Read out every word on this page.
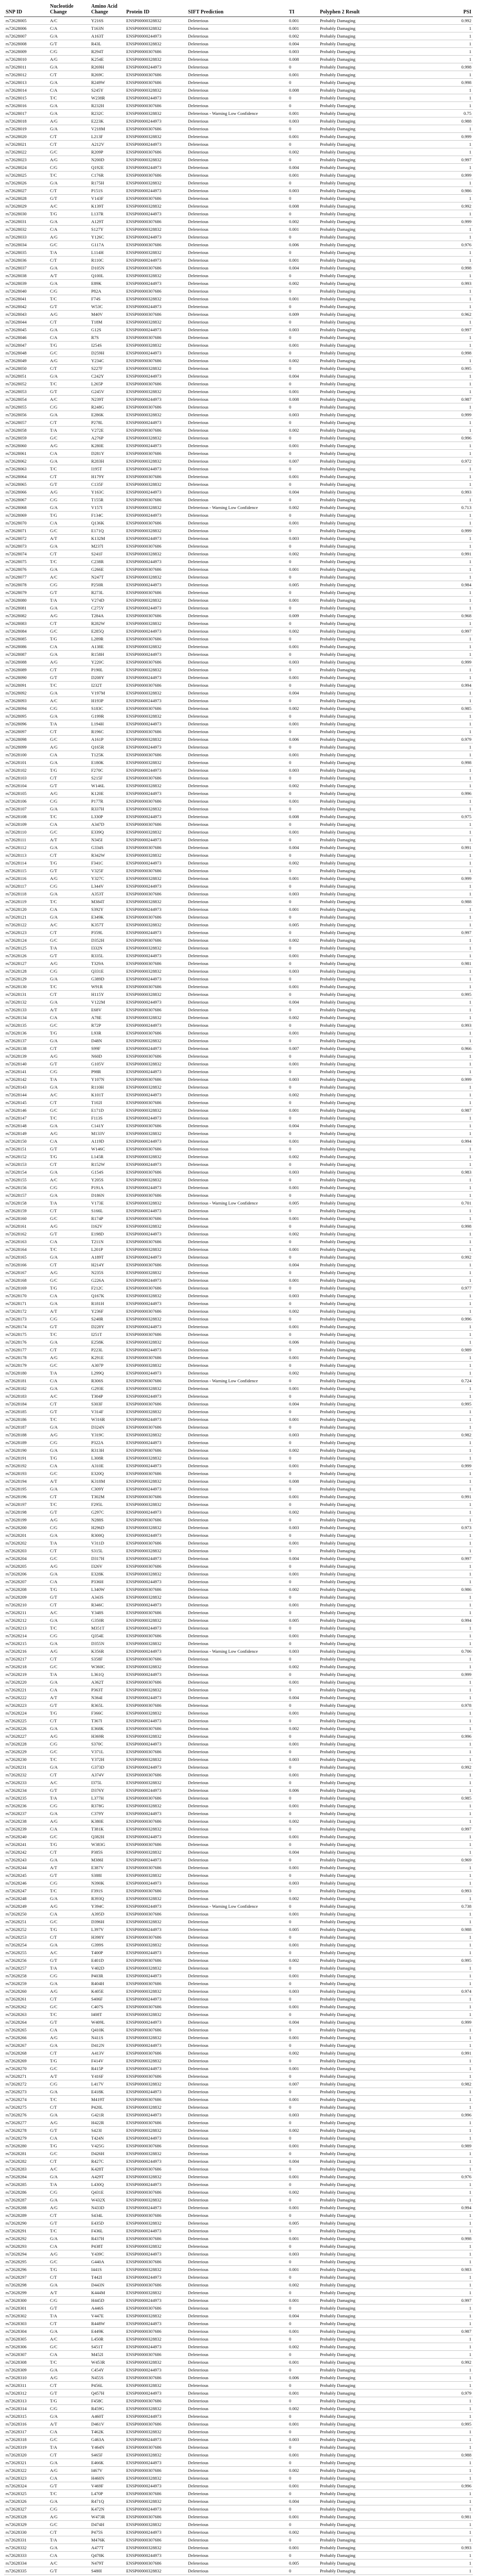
SNP ID	Nucleotide Change	Amino Acid Change	Protein ID	SIFT Prediction	TI	Polyphen 2 Result	PSI
rs72628005	A/C	Y216S	ENSP00000328832	Deleterious	0.001	Probably Damaging	0.992
rs72628006	C/A	T163N	ENSP00000328832	Deleterious	0.001	Probably Damaging	1
rs72628007	G/A	A163T	ENSP00000244973	Deleterious	0.002	Probably Damaging	1
rs72628008	G/T	R43L	ENSP00000328832	Deleterious	0.004	Probably Damaging	1
rs72628009	C/G	R294T	ENSP00000307686	Deleterious	0.003	Probably Damaging	1
rs72628010	A/G	K254E	ENSP00000328832	Deleterious	0.008	Probably Damaging	1
rs72628011	G/A	R269H	ENSP00000244973	Deleterious	0	Probably Damaging	0.998
rs72628012	C/T	R269C	ENSP00000307686	Deleterious	0.001	Probably Damaging	1
rs72628013	G/A	R249W	ENSP00000307686	Deleterious	0	Probably Damaging	0.998
rs72628014	C/A	S245Y	ENSP00000328832	Deleterious	0.008	Probably Damaging	1
rs72628015	T/C	W238R	ENSP00000244973	Deleterious	0	Probably Damaging	1
rs72628016	G/A	R232H	ENSP00000307686	Deleterious	0	Probably Damaging	1
rs72628017	G/A	R232C	ENSP00000328832	Deleterious - Warning Low Confidence	0.001	Probably Damaging	0.75
rs72628018	A/G	E223K	ENSP00000244973	Deleterious	0.003	Probably Damaging	0.988
rs72628019	G/A	V218M	ENSP00000307686	Deleterious	0	Probably Damaging	1
rs72628020	C/T	L213F	ENSP00000328832	Deleterious	0.001	Probably Damaging	0.999
rs72628021	C/T	A212V	ENSP00000244973	Deleterious	0	Probably Damaging	1
rs72628022	G/C	R209P	ENSP00000307686	Deleterious	0.002	Probably Damaging	1
rs72628023	A/G	N200D	ENSP00000328832	Deleterious	0	Probably Damaging	0.997
rs72628024	C/G	Q192E	ENSP00000244973	Deleterious	0.004	Probably Damaging	1
rs72628025	T/C	C176R	ENSP00000307686	Deleterious	0.001	Probably Damaging	0.999
rs72628026	G/A	R175H	ENSP00000328832	Deleterious	0	Probably Damaging	1
rs72628027	C/T	P151S	ENSP00000244973	Deleterious	0.003	Probably Damaging	0.986
rs72628028	G/T	V143F	ENSP00000307686	Deleterious	0	Probably Damaging	1
rs72628029	A/C	K139T	ENSP00000328832	Deleterious	0.008	Probably Damaging	0.992
rs72628030	T/G	L137R	ENSP00000244973	Deleterious	0	Probably Damaging	1
rs72628031	G/A	A129T	ENSP00000307686	Deleterious	0.002	Probably Damaging	0.999
rs72628032	C/A	S127Y	ENSP00000328832	Deleterious	0.001	Probably Damaging	1
rs72628033	A/G	Y126C	ENSP00000244973	Deleterious	0	Probably Damaging	1
rs72628034	G/C	G117A	ENSP00000307686	Deleterious	0.006	Probably Damaging	0.976
rs72628035	T/A	L114H	ENSP00000328832	Deleterious	0	Probably Damaging	1
rs72628036	C/T	R110C	ENSP00000244973	Deleterious	0.001	Probably Damaging	1
rs72628037	G/A	D105N	ENSP00000307686	Deleterious	0.004	Probably Damaging	0.998
rs72628038	A/T	Q100L	ENSP00000328832	Deleterious	0	Probably Damaging	1
rs72628039	G/A	E89K	ENSP00000244973	Deleterious	0.002	Probably Damaging	0.993
rs72628040	C/G	P82A	ENSP00000307686	Deleterious	0	Probably Damaging	1
rs72628041	T/C	F74S	ENSP00000328832	Deleterious	0.001	Probably Damaging	1
rs72628042	G/T	W53C	ENSP00000244973	Deleterious	0	Probably Damaging	1
rs72628043	A/G	M40V	ENSP00000307686	Deleterious	0.009	Probably Damaging	0.962
rs72628044	C/T	T18M	ENSP00000328832	Deleterious	0	Probably Damaging	1
rs72628045	G/A	G12S	ENSP00000244973	Deleterious	0.003	Probably Damaging	0.997
rs72628046	C/A	R7S	ENSP00000307686	Deleterious	0	Probably Damaging	1
rs72628047	T/G	I254S	ENSP00000328832	Deleterious	0.001	Probably Damaging	1
rs72628048	G/C	D259H	ENSP00000244973	Deleterious	0	Probably Damaging	0.998
rs72628049	A/G	Y234C	ENSP00000307686	Deleterious	0.002	Probably Damaging	1
rs72628050	C/T	S227F	ENSP00000328832	Deleterious	0	Probably Damaging	0.995
rs72628051	G/A	C242Y	ENSP00000244973	Deleterious	0.004	Probably Damaging	1
rs72628052	T/C	L265P	ENSP00000307686	Deleterious	0	Probably Damaging	1
rs72628053	G/T	G245V	ENSP00000328832	Deleterious	0.001	Probably Damaging	1
rs72628054	A/C	N239T	ENSP00000244973	Deleterious	0.008	Probably Damaging	0.987
rs72628055	C/G	R248G	ENSP00000307686	Deleterious	0	Probably Damaging	1
rs72628056	G/A	E286K	ENSP00000328832	Deleterious	0.003	Probably Damaging	0.999
rs72628057	C/T	P278L	ENSP00000244973	Deleterious	0	Probably Damaging	1
rs72628058	T/A	V272E	ENSP00000307686	Deleterious	0.002	Probably Damaging	1
rs72628059	G/C	A276P	ENSP00000328832	Deleterious	0	Probably Damaging	0.996
rs72628060	A/G	K280E	ENSP00000244973	Deleterious	0.001	Probably Damaging	1
rs72628061	C/A	D281Y	ENSP00000307686	Deleterious	0	Probably Damaging	1
rs72628062	G/A	R283H	ENSP00000328832	Deleterious	0.007	Probably Damaging	0.972
rs72628063	T/C	I195T	ENSP00000244973	Deleterious	0	Probably Damaging	1
rs72628064	C/T	H179Y	ENSP00000307686	Deleterious	0.001	Probably Damaging	1
rs72628065	G/T	C135F	ENSP00000328832	Deleterious	0	Probably Damaging	1
rs72628066	A/G	Y163C	ENSP00000244973	Deleterious	0.004	Probably Damaging	0.993
rs72628067	C/G	T155R	ENSP00000307686	Deleterious	0	Probably Damaging	1
rs72628068	G/A	V157I	ENSP00000328832	Deleterious - Warning Low Confidence	0.002	Probably Damaging	0.713
rs72628069	T/G	F134C	ENSP00000244973	Deleterious	0	Probably Damaging	1
rs72628070	C/A	Q136K	ENSP00000307686	Deleterious	0.001	Probably Damaging	1
rs72628071	G/C	E171Q	ENSP00000328832	Deleterious	0	Probably Damaging	0.999
rs72628072	A/T	K132M	ENSP00000244973	Deleterious	0.003	Probably Damaging	1
rs72628073	G/A	M237I	ENSP00000307686	Deleterious	0	Probably Damaging	1
rs72628074	C/T	S241F	ENSP00000328832	Deleterious	0.002	Probably Damaging	0.991
rs72628075	T/C	C238R	ENSP00000244973	Deleterious	0	Probably Damaging	1
rs72628076	G/A	G266E	ENSP00000307686	Deleterious	0.001	Probably Damaging	1
rs72628077	A/C	N247T	ENSP00000328832	Deleterious	0	Probably Damaging	1
rs72628078	C/G	P250R	ENSP00000244973	Deleterious	0.005	Probably Damaging	0.984
rs72628079	G/T	R273L	ENSP00000307686	Deleterious	0	Probably Damaging	1
rs72628080	T/A	V274D	ENSP00000328832	Deleterious	0.001	Probably Damaging	1
rs72628081	G/A	C275Y	ENSP00000244973	Deleterious	0	Probably Damaging	1
rs72628082	A/G	T284A	ENSP00000307686	Deleterious	0.009	Probably Damaging	0.968
rs72628083	C/T	R282W	ENSP00000328832	Deleterious	0	Probably Damaging	1
rs72628084	G/C	E285Q	ENSP00000244973	Deleterious	0.002	Probably Damaging	0.997
rs72628085	T/G	L289R	ENSP00000307686	Deleterious	0	Probably Damaging	1
rs72628086	C/A	A138E	ENSP00000328832	Deleterious	0.001	Probably Damaging	1
rs72628087	G/A	R158H	ENSP00000244973	Deleterious	0	Probably Damaging	1
rs72628088	A/G	Y220C	ENSP00000307686	Deleterious	0.003	Probably Damaging	0.999
rs72628089	C/T	P190L	ENSP00000328832	Deleterious	0	Probably Damaging	1
rs72628090	G/T	D208Y	ENSP00000244973	Deleterious	0.001	Probably Damaging	1
rs72628091	T/C	I232T	ENSP00000307686	Deleterious	0	Probably Damaging	0.994
rs72628092	G/A	V197M	ENSP00000328832	Deleterious	0.004	Probably Damaging	1
rs72628093	A/C	H193P	ENSP00000244973	Deleterious	0	Probably Damaging	1
rs72628094	C/G	S183C	ENSP00000307686	Deleterious	0.002	Probably Damaging	0.985
rs72628095	G/A	G199R	ENSP00000328832	Deleterious	0	Probably Damaging	1
rs72628096	T/A	L194H	ENSP00000244973	Deleterious	0.001	Probably Damaging	1
rs72628097	C/T	R196C	ENSP00000307686	Deleterious	0	Probably Damaging	1
rs72628098	G/C	A161P	ENSP00000328832	Deleterious	0.006	Probably Damaging	0.979
rs72628099	A/G	Q165R	ENSP00000244973	Deleterious	0	Probably Damaging	1
rs72628100	C/A	T125K	ENSP00000307686	Deleterious	0.001	Probably Damaging	1
rs72628101	G/A	E180K	ENSP00000328832	Deleterious	0	Probably Damaging	0.998
rs72628102	T/G	F270C	ENSP00000244973	Deleterious	0.003	Probably Damaging	1
rs72628103	C/T	S215F	ENSP00000307686	Deleterious	0	Probably Damaging	1
rs72628104	G/T	W146L	ENSP00000328832	Deleterious	0.002	Probably Damaging	1
rs72628105	A/G	K120E	ENSP00000244973	Deleterious	0	Probably Damaging	0.996
rs72628106	C/G	P177R	ENSP00000307686	Deleterious	0.001	Probably Damaging	1
rs72628107	G/A	R337H	ENSP00000328832	Deleterious	0	Probably Damaging	1
rs72628108	T/C	L330P	ENSP00000244973	Deleterious	0.008	Probably Damaging	0.975
rs72628109	C/A	A347D	ENSP00000307686	Deleterious	0	Probably Damaging	1
rs72628110	G/C	E339Q	ENSP00000328832	Deleterious	0.001	Probably Damaging	1
rs72628111	A/T	N345I	ENSP00000244973	Deleterious	0	Probably Damaging	1
rs72628112	G/A	G334S	ENSP00000307686	Deleterious	0.004	Probably Damaging	0.991
rs72628113	C/T	R342W	ENSP00000328832	Deleterious	0	Probably Damaging	1
rs72628114	T/G	F341C	ENSP00000244973	Deleterious	0.002	Probably Damaging	1
rs72628115	G/T	V325F	ENSP00000307686	Deleterious	0	Probably Damaging	1
rs72628116	A/G	Y327C	ENSP00000328832	Deleterious	0.001	Probably Damaging	0.999
rs72628117	C/G	L344V	ENSP00000244973	Deleterious	0	Probably Damaging	1
rs72628118	G/A	A353T	ENSP00000307686	Deleterious	0.003	Probably Damaging	1
rs72628119	T/C	M384T	ENSP00000328832	Deleterious	0	Probably Damaging	0.988
rs72628120	C/A	S392Y	ENSP00000244973	Deleterious	0.001	Probably Damaging	1
rs72628121	G/A	E349K	ENSP00000307686	Deleterious	0	Probably Damaging	1
rs72628122	A/C	K357T	ENSP00000328832	Deleterious	0.005	Probably Damaging	1
rs72628123	C/T	P359L	ENSP00000244973	Deleterious	0	Probably Damaging	0.997
rs72628124	G/C	D352H	ENSP00000307686	Deleterious	0.002	Probably Damaging	1
rs72628125	T/A	I332N	ENSP00000328832	Deleterious	0	Probably Damaging	1
rs72628126	G/T	R335L	ENSP00000244973	Deleterious	0.001	Probably Damaging	1
rs72628127	A/G	T329A	ENSP00000307686	Deleterious	0	Probably Damaging	0.981
rs72628128	C/G	Q331E	ENSP00000328832	Deleterious	0.003	Probably Damaging	1
rs72628129	G/A	G389D	ENSP00000244973	Deleterious	0	Probably Damaging	1
rs72628130	T/C	W91R	ENSP00000307686	Deleterious	0.001	Probably Damaging	1
rs72628131	C/T	H115Y	ENSP00000328832	Deleterious	0	Probably Damaging	0.995
rs72628132	G/A	V122M	ENSP00000244973	Deleterious	0.004	Probably Damaging	1
rs72628133	A/T	E68V	ENSP00000307686	Deleterious	0	Probably Damaging	1
rs72628134	C/A	A78E	ENSP00000328832	Deleterious	0.002	Probably Damaging	1
rs72628135	G/C	R72P	ENSP00000244973	Deleterious	0	Probably Damaging	0.993
rs72628136	T/G	L93R	ENSP00000307686	Deleterious	0.001	Probably Damaging	1
rs72628137	G/A	D48N	ENSP00000328832	Deleterious	0	Probably Damaging	1
rs72628138	C/T	S99F	ENSP00000244973	Deleterious	0.007	Probably Damaging	0.966
rs72628139	A/G	N60D	ENSP00000307686	Deleterious	0	Probably Damaging	1
rs72628140	G/T	G105V	ENSP00000328832	Deleterious	0.001	Probably Damaging	1
rs72628141	C/G	P98R	ENSP00000244973	Deleterious	0	Probably Damaging	1
rs72628142	T/A	Y107N	ENSP00000307686	Deleterious	0.003	Probably Damaging	0.999
rs72628143	G/A	R110H	ENSP00000328832	Deleterious	0	Probably Damaging	1
rs72628144	A/C	K101T	ENSP00000244973	Deleterious	0.002	Probably Damaging	1
rs72628145	C/T	T102I	ENSP00000307686	Deleterious	0	Probably Damaging	1
rs72628146	G/C	E171D	ENSP00000328832	Deleterious	0.001	Probably Damaging	0.987
rs72628147	T/C	F113S	ENSP00000244973	Deleterious	0	Probably Damaging	1
rs72628148	G/A	C141Y	ENSP00000307686	Deleterious	0.004	Probably Damaging	1
rs72628149	A/G	M133V	ENSP00000328832	Deleterious	0	Probably Damaging	1
rs72628150	C/A	A119D	ENSP00000244973	Deleterious	0.001	Probably Damaging	0.994
rs72628151	G/T	W146C	ENSP00000307686	Deleterious	0	Probably Damaging	1
rs72628152	T/G	L145R	ENSP00000328832	Deleterious	0.002	Probably Damaging	1
rs72628153	C/T	R152W	ENSP00000244973	Deleterious	0	Probably Damaging	1
rs72628154	G/A	G154S	ENSP00000307686	Deleterious	0.003	Probably Damaging	0.983
rs72628155	A/C	Y205S	ENSP00000328832	Deleterious	0	Probably Damaging	1
rs72628156	C/G	P191A	ENSP00000244973	Deleterious	0.001	Probably Damaging	1
rs72628157	G/A	D186N	ENSP00000307686	Deleterious	0	Probably Damaging	1
rs72628158	T/A	V173E	ENSP00000328832	Deleterious - Warning Low Confidence	0.005	Probably Damaging	0.701
rs72628159	C/T	S166L	ENSP00000244973	Deleterious	0	Probably Damaging	1
rs72628160	G/C	R174P	ENSP00000307686	Deleterious	0.001	Probably Damaging	1
rs72628161	A/G	I162V	ENSP00000328832	Deleterious	0	Probably Damaging	0.998
rs72628162	G/T	E198D	ENSP00000244973	Deleterious	0.002	Probably Damaging	1
rs72628163	C/A	T211N	ENSP00000307686	Deleterious	0	Probably Damaging	1
rs72628164	T/C	L201P	ENSP00000328832	Deleterious	0.001	Probably Damaging	1
rs72628165	G/A	A189T	ENSP00000244973	Deleterious	0	Probably Damaging	0.992
rs72628166	C/T	H214Y	ENSP00000307686	Deleterious	0.004	Probably Damaging	1
rs72628167	A/G	N235S	ENSP00000328832	Deleterious	0	Probably Damaging	1
rs72628168	G/C	G226A	ENSP00000244973	Deleterious	0.001	Probably Damaging	1
rs72628169	T/G	F212C	ENSP00000307686	Deleterious	0	Probably Damaging	0.977
rs72628170	C/A	Q167K	ENSP00000328832	Deleterious	0.003	Probably Damaging	1
rs72628171	G/A	R181H	ENSP00000244973	Deleterious	0	Probably Damaging	1
rs72628172	A/T	Y236F	ENSP00000307686	Deleterious	0.002	Probably Damaging	1
rs72628173	C/G	S240R	ENSP00000328832	Deleterious	0	Probably Damaging	0.996
rs72628174	G/T	D228Y	ENSP00000244973	Deleterious	0.001	Probably Damaging	1
rs72628175	T/C	I251T	ENSP00000307686	Deleterious	0	Probably Damaging	1
rs72628176	G/A	E258K	ENSP00000328832	Deleterious	0.006	Probably Damaging	1
rs72628177	C/T	P223L	ENSP00000244973	Deleterious	0	Probably Damaging	0.989
rs72628178	A/G	K291E	ENSP00000307686	Deleterious	0.001	Probably Damaging	1
rs72628179	G/C	A307P	ENSP00000328832	Deleterious	0	Probably Damaging	1
rs72628180	T/A	L299Q	ENSP00000244973	Deleterious	0.002	Probably Damaging	1
rs72628181	C/A	R306S	ENSP00000307686	Deleterious - Warning Low Confidence	0	Probably Damaging	0.724
rs72628182	G/A	G293E	ENSP00000328832	Deleterious	0.001	Probably Damaging	1
rs72628183	A/C	T304P	ENSP00000244973	Deleterious	0	Probably Damaging	1
rs72628184	C/T	S303F	ENSP00000307686	Deleterious	0.004	Probably Damaging	0.995
rs72628185	G/T	V314F	ENSP00000328832	Deleterious	0	Probably Damaging	1
rs72628186	T/C	W316R	ENSP00000244973	Deleterious	0.001	Probably Damaging	1
rs72628187	G/A	D324N	ENSP00000307686	Deleterious	0	Probably Damaging	1
rs72628188	A/G	Y319C	ENSP00000328832	Deleterious	0.003	Probably Damaging	0.982
rs72628189	C/G	P322A	ENSP00000244973	Deleterious	0	Probably Damaging	1
rs72628190	G/A	R313H	ENSP00000307686	Deleterious	0.002	Probably Damaging	1
rs72628191	T/G	L308R	ENSP00000328832	Deleterious	0	Probably Damaging	1
rs72628192	C/A	A310E	ENSP00000244973	Deleterious	0.001	Probably Damaging	0.999
rs72628193	G/C	E320Q	ENSP00000307686	Deleterious	0	Probably Damaging	1
rs72628194	A/T	K318M	ENSP00000328832	Deleterious	0.008	Probably Damaging	1
rs72628195	G/A	C309Y	ENSP00000244973	Deleterious	0	Probably Damaging	1
rs72628196	C/T	T302M	ENSP00000307686	Deleterious	0.001	Probably Damaging	0.991
rs72628197	T/C	F295L	ENSP00000328832	Deleterious	0	Probably Damaging	1
rs72628198	G/T	G297C	ENSP00000244973	Deleterious	0.002	Probably Damaging	1
rs72628199	A/G	N288S	ENSP00000307686	Deleterious	0	Probably Damaging	1
rs72628200	C/G	H296D	ENSP00000328832	Deleterious	0.003	Probably Damaging	0.973
rs72628201	G/A	R300Q	ENSP00000244973	Deleterious	0	Probably Damaging	1
rs72628202	T/A	V311D	ENSP00000307686	Deleterious	0.001	Probably Damaging	1
rs72628203	C/T	S315L	ENSP00000328832	Deleterious	0	Probably Damaging	1
rs72628204	G/C	D317H	ENSP00000244973	Deleterious	0.004	Probably Damaging	0.997
rs72628205	A/G	I326V	ENSP00000307686	Deleterious	0	Probably Damaging	1
rs72628206	G/A	E328K	ENSP00000328832	Deleterious	0.001	Probably Damaging	1
rs72628207	C/A	P336H	ENSP00000244973	Deleterious	0	Probably Damaging	1
rs72628208	T/G	L340W	ENSP00000307686	Deleterious	0.002	Probably Damaging	0.986
rs72628209	G/T	A343S	ENSP00000328832	Deleterious	0	Probably Damaging	1
rs72628210	C/T	R346C	ENSP00000244973	Deleterious	0.001	Probably Damaging	1
rs72628211	A/C	Y348S	ENSP00000307686	Deleterious	0	Probably Damaging	1
rs72628212	G/A	G350R	ENSP00000328832	Deleterious	0.005	Probably Damaging	0.994
rs72628213	T/C	M351T	ENSP00000244973	Deleterious	0	Probably Damaging	1
rs72628214	C/G	Q354E	ENSP00000307686	Deleterious	0.001	Probably Damaging	1
rs72628215	G/A	D355N	ENSP00000328832	Deleterious	0	Probably Damaging	1
rs72628216	A/G	K356R	ENSP00000244973	Deleterious - Warning Low Confidence	0.003	Probably Damaging	0.706
rs72628217	C/T	S358F	ENSP00000307686	Deleterious	0	Probably Damaging	1
rs72628218	G/C	W360C	ENSP00000328832	Deleterious	0.002	Probably Damaging	1
rs72628219	T/A	L361Q	ENSP00000244973	Deleterious	0	Probably Damaging	0.999
rs72628220	G/A	A362T	ENSP00000307686	Deleterious	0.001	Probably Damaging	1
rs72628221	C/A	P363T	ENSP00000328832	Deleterious	0	Probably Damaging	1
rs72628222	A/T	N364I	ENSP00000244973	Deleterious	0.004	Probably Damaging	1
rs72628223	G/T	R365L	ENSP00000307686	Deleterious	0	Probably Damaging	0.978
rs72628224	T/G	F366C	ENSP00000328832	Deleterious	0.001	Probably Damaging	1
rs72628225	C/T	T367I	ENSP00000244973	Deleterious	0	Probably Damaging	1
rs72628226	G/A	E368K	ENSP00000307686	Deleterious	0.002	Probably Damaging	1
rs72628227	A/G	H369R	ENSP00000328832	Deleterious	0	Probably Damaging	0.996
rs72628228	C/G	S370C	ENSP00000244973	Deleterious	0.001	Probably Damaging	1
rs72628229	G/C	V371L	ENSP00000307686	Deleterious	0	Probably Damaging	1
rs72628230	T/C	Y372H	ENSP00000328832	Deleterious	0.003	Probably Damaging	1
rs72628231	G/A	G373D	ENSP00000244973	Deleterious	0	Probably Damaging	0.992
rs72628232	C/T	A374V	ENSP00000307686	Deleterious	0.001	Probably Damaging	1
rs72628233	A/C	I375L	ENSP00000328832	Deleterious	0	Probably Damaging	1
rs72628234	G/T	D376Y	ENSP00000244973	Deleterious	0.006	Probably Damaging	1
rs72628235	T/A	L377H	ENSP00000307686	Deleterious	0	Probably Damaging	0.985
rs72628236	C/G	R378G	ENSP00000328832	Deleterious	0.001	Probably Damaging	1
rs72628237	G/A	C379Y	ENSP00000244973	Deleterious	0	Probably Damaging	1
rs72628238	A/G	K380E	ENSP00000307686	Deleterious	0.002	Probably Damaging	1
rs72628239	C/A	T381K	ENSP00000328832	Deleterious	0	Probably Damaging	0.997
rs72628240	G/C	Q382H	ENSP00000244973	Deleterious	0.001	Probably Damaging	1
rs72628241	T/G	W383G	ENSP00000307686	Deleterious	0	Probably Damaging	1
rs72628242	C/T	P385S	ENSP00000328832	Deleterious	0.004	Probably Damaging	1
rs72628243	G/A	M386I	ENSP00000244973	Deleterious	0	Probably Damaging	0.969
rs72628244	A/T	E387V	ENSP00000307686	Deleterious	0.001	Probably Damaging	1
rs72628245	G/T	S388I	ENSP00000328832	Deleterious	0	Probably Damaging	1
rs72628246	C/G	N390K	ENSP00000244973	Deleterious	0.003	Probably Damaging	1
rs72628247	T/C	F391S	ENSP00000307686	Deleterious	0	Probably Damaging	0.993
rs72628248	G/A	R393Q	ENSP00000328832	Deleterious	0.002	Probably Damaging	1
rs72628249	A/G	Y394C	ENSP00000244973	Deleterious - Warning Low Confidence	0	Probably Damaging	0.738
rs72628250	C/A	A395D	ENSP00000307686	Deleterious	0.001	Probably Damaging	1
rs72628251	G/C	D396H	ENSP00000328832	Deleterious	0	Probably Damaging	1
rs72628252	T/G	L397V	ENSP00000244973	Deleterious	0.005	Probably Damaging	0.988
rs72628253	C/T	H398Y	ENSP00000307686	Deleterious	0	Probably Damaging	1
rs72628254	G/A	G399S	ENSP00000328832	Deleterious	0.001	Probably Damaging	1
rs72628255	A/C	T400P	ENSP00000244973	Deleterious	0	Probably Damaging	1
rs72628256	G/T	E401D	ENSP00000307686	Deleterious	0.002	Probably Damaging	0.995
rs72628257	T/A	V402D	ENSP00000328832	Deleterious	0	Probably Damaging	1
rs72628258	C/G	P403R	ENSP00000244973	Deleterious	0.001	Probably Damaging	1
rs72628259	G/A	R404H	ENSP00000307686	Deleterious	0	Probably Damaging	1
rs72628260	A/G	K405E	ENSP00000328832	Deleterious	0.003	Probably Damaging	0.974
rs72628261	C/T	S406F	ENSP00000244973	Deleterious	0	Probably Damaging	1
rs72628262	G/C	C407S	ENSP00000307686	Deleterious	0.001	Probably Damaging	1
rs72628263	T/C	I408T	ENSP00000328832	Deleterious	0	Probably Damaging	1
rs72628264	G/T	W409L	ENSP00000244973	Deleterious	0.004	Probably Damaging	0.999
rs72628265	C/A	Q410K	ENSP00000307686	Deleterious	0	Probably Damaging	1
rs72628266	A/G	N411S	ENSP00000328832	Deleterious	0.001	Probably Damaging	1
rs72628267	G/A	D412N	ENSP00000244973	Deleterious	0	Probably Damaging	1
rs72628268	C/T	A413V	ENSP00000307686	Deleterious	0.002	Probably Damaging	0.991
rs72628269	T/G	F414V	ENSP00000328832	Deleterious	0	Probably Damaging	1
rs72628270	G/C	R415P	ENSP00000244973	Deleterious	0.001	Probably Damaging	1
rs72628271	A/T	Y416F	ENSP00000307686	Deleterious	0	Probably Damaging	1
rs72628272	C/G	L417V	ENSP00000328832	Deleterious	0.007	Probably Damaging	0.982
rs72628273	G/A	E418K	ENSP00000244973	Deleterious	0	Probably Damaging	1
rs72628274	T/C	M419T	ENSP00000307686	Deleterious	0.001	Probably Damaging	1
rs72628275	C/T	P420L	ENSP00000328832	Deleterious	0	Probably Damaging	1
rs72628276	G/A	G421R	ENSP00000244973	Deleterious	0.003	Probably Damaging	0.996
rs72628277	A/G	H422R	ENSP00000307686	Deleterious	0	Probably Damaging	1
rs72628278	G/T	S423I	ENSP00000328832	Deleterious	0.002	Probably Damaging	1
rs72628279	C/A	T424N	ENSP00000244973	Deleterious	0	Probably Damaging	1
rs72628280	T/G	V425G	ENSP00000307686	Deleterious	0.001	Probably Damaging	0.989
rs72628281	G/C	D426H	ENSP00000328832	Deleterious	0	Probably Damaging	1
rs72628282	C/T	R427C	ENSP00000244973	Deleterious	0.004	Probably Damaging	1
rs72628283	A/C	K428T	ENSP00000307686	Deleterious	0	Probably Damaging	1
rs72628284	G/A	A429T	ENSP00000328832	Deleterious	0.001	Probably Damaging	0.976
rs72628285	T/A	L430Q	ENSP00000244973	Deleterious	0	Probably Damaging	1
rs72628286	C/G	Q431E	ENSP00000307686	Deleterious	0.002	Probably Damaging	1
rs72628287	G/A	W432X	ENSP00000328832	Deleterious	0	Probably Damaging	1
rs72628288	A/G	N433D	ENSP00000244973	Deleterious	0.001	Probably Damaging	0.994
rs72628289	C/T	S434L	ENSP00000307686	Deleterious	0	Probably Damaging	1
rs72628290	G/T	E435D	ENSP00000328832	Deleterious	0.005	Probably Damaging	1
rs72628291	T/C	F436L	ENSP00000244973	Deleterious	0	Probably Damaging	1
rs72628292	G/A	R437H	ENSP00000307686	Deleterious	0.001	Probably Damaging	0.998
rs72628293	C/A	P438T	ENSP00000328832	Deleterious	0	Probably Damaging	1
rs72628294	A/G	Y439C	ENSP00000244973	Deleterious	0.003	Probably Damaging	1
rs72628295	G/C	G440A	ENSP00000307686	Deleterious	0	Probably Damaging	1
rs72628296	T/G	I441S	ENSP00000328832	Deleterious	0.001	Probably Damaging	0.983
rs72628297	C/T	T442I	ENSP00000244973	Deleterious	0	Probably Damaging	1
rs72628298	G/A	D443N	ENSP00000307686	Deleterious	0.002	Probably Damaging	1
rs72628299	A/T	K444M	ENSP00000328832	Deleterious	0	Probably Damaging	1
rs72628300	C/G	H445D	ENSP00000244973	Deleterious	0.001	Probably Damaging	0.997
rs72628301	G/T	A446S	ENSP00000307686	Deleterious	0	Probably Damaging	1
rs72628302	T/A	V447E	ENSP00000328832	Deleterious	0.004	Probably Damaging	1
rs72628303	C/T	R448W	ENSP00000244973	Deleterious	0	Probably Damaging	1
rs72628304	G/A	E449K	ENSP00000307686	Deleterious	0.001	Probably Damaging	0.987
rs72628305	A/C	L450R	ENSP00000328832	Deleterious	0	Probably Damaging	1
rs72628306	G/C	S451T	ENSP00000244973	Deleterious	0.002	Probably Damaging	1
rs72628307	C/A	M452I	ENSP00000307686	Deleterious	0	Probably Damaging	1
rs72628308	T/C	W453R	ENSP00000328832	Deleterious	0.001	Probably Damaging	0.992
rs72628309	G/A	C454Y	ENSP00000244973	Deleterious	0	Probably Damaging	1
rs72628310	A/G	N455S	ENSP00000307686	Deleterious	0.006	Probably Damaging	1
rs72628311	C/T	P456L	ENSP00000328832	Deleterious	0	Probably Damaging	1
rs72628312	G/T	Q457H	ENSP00000244973	Deleterious	0.001	Probably Damaging	0.979
rs72628313	T/G	F458C	ENSP00000307686	Deleterious	0	Probably Damaging	1
rs72628314	C/G	R459G	ENSP00000328832	Deleterious	0.002	Probably Damaging	1
rs72628315	G/A	A460T	ENSP00000244973	Deleterious	0	Probably Damaging	1
rs72628316	A/T	D461V	ENSP00000307686	Deleterious	0.001	Probably Damaging	0.995
rs72628317	C/A	T462K	ENSP00000328832	Deleterious	0	Probably Damaging	1
rs72628318	G/C	G463A	ENSP00000244973	Deleterious	0.003	Probably Damaging	1
rs72628319	T/A	Y464N	ENSP00000307686	Deleterious	0	Probably Damaging	1
rs72628320	C/T	S465F	ENSP00000328832	Deleterious	0.001	Probably Damaging	0.988
rs72628321	G/A	E466K	ENSP00000244973	Deleterious	0	Probably Damaging	1
rs72628322	A/G	I467V	ENSP00000307686	Deleterious	0.002	Probably Damaging	1
rs72628323	C/A	H468N	ENSP00000328832	Deleterious	0	Probably Damaging	1
rs72628324	G/T	V469F	ENSP00000244973	Deleterious	0.001	Probably Damaging	0.996
rs72628325	T/C	L470P	ENSP00000307686	Deleterious	0	Probably Damaging	1
rs72628326	G/A	R471Q	ENSP00000328832	Deleterious	0.004	Probably Damaging	1
rs72628327	C/G	K472N	ENSP00000244973	Deleterious	0	Probably Damaging	1
rs72628328	A/G	W473R	ENSP00000307686	Deleterious	0.001	Probably Damaging	0.981
rs72628329	G/C	D474H	ENSP00000328832	Deleterious	0	Probably Damaging	1
rs72628330	C/T	P475S	ENSP00000244973	Deleterious	0.002	Probably Damaging	1
rs72628331	T/A	M476K	ENSP00000307686	Deleterious	0	Probably Damaging	1
rs72628332	G/A	A477T	ENSP00000328832	Deleterious	0.001	Probably Damaging	0.993
rs72628333	C/A	Q478K	ENSP00000244973	Deleterious	0	Probably Damaging	1
rs72628334	A/C	N479T	ENSP00000307686	Deleterious	0.005	Probably Damaging	1
rs72628335	G/T	S480I	ENSP00000328832	Deleterious	0	Probably Damaging	1
